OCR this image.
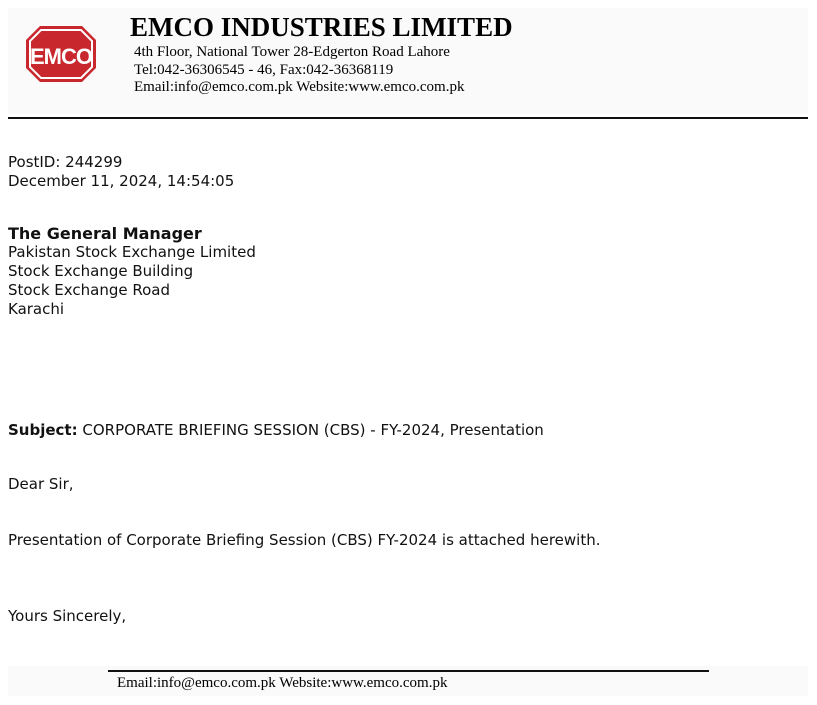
EMCO
EMCO INDUSTRIES LIMITED
4th Floor, National Tower 28-Edgerton Road Lahore
Tel:042-36306545 - 46, Fax:042-36368119
Email:info@emco.com.pk Website:www.emco.com.pk
PostID: 244299
December 11, 2024, 14:54:05
The General Manager
Pakistan Stock Exchange Limited
Stock Exchange Building
Stock Exchange Road
Karachi
Subject: CORPORATE BRIEFING SESSION (CBS) - FY-2024, Presentation
Dear Sir,
Presentation of Corporate Briefing Session (CBS) FY-2024 is attached herewith.
Yours Sincerely,
Email:info@emco.com.pk Website:www.emco.com.pk
